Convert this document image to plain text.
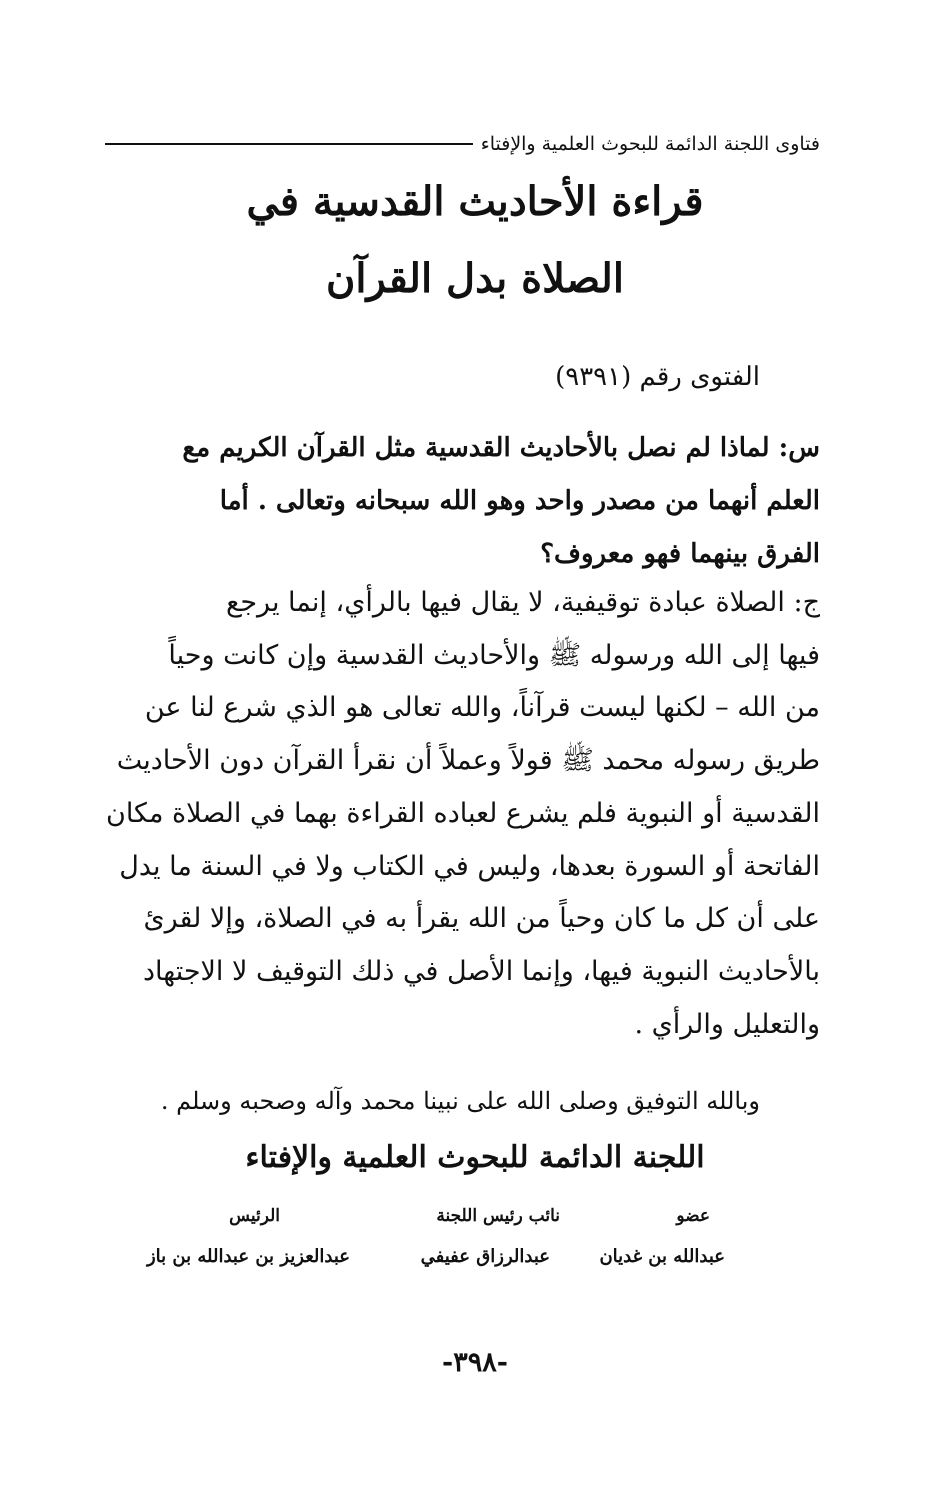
فتاوى اللجنة الدائمة للبحوث العلمية والإفتاء
قراءة الأحاديث القدسية في
الصلاة بدل القرآن
الفتوى رقم (٩٣٩١)
س: لماذا لم نصل بالأحاديث القدسية مثل القرآن الكريم مع
العلم أنهما من مصدر واحد وهو الله سبحانه وتعالى . أما
الفرق بينهما فهو معروف؟
ج: الصلاة عبادة توقيفية، لا يقال فيها بالرأي، إنما يرجع
فيها إلى الله ورسوله ﷺ والأحاديث القدسية وإن كانت وحياً
من الله – لكنها ليست قرآناً، والله تعالى هو الذي شرع لنا عن
طريق رسوله محمد ﷺ قولاً وعملاً أن نقرأ القرآن دون الأحاديث
القدسية أو النبوية فلم يشرع لعباده القراءة بهما في الصلاة مكان
الفاتحة أو السورة بعدها، وليس في الكتاب ولا في السنة ما يدل
على أن كل ما كان وحياً من الله يقرأ به في الصلاة، وإلا لقرئ
بالأحاديث النبوية فيها، وإنما الأصل في ذلك التوقيف لا الاجتهاد
والتعليل والرأي .
وبالله التوفيق وصلى الله على نبينا محمد وآله وصحبه وسلم .
اللجنة الدائمة للبحوث العلمية والإفتاء
عضو
نائب رئيس اللجنة
الرئيس
عبدالله بن غديان
عبدالرزاق عفيفي
عبدالعزيز بن عبدالله بن باز
-٣٩٨-
